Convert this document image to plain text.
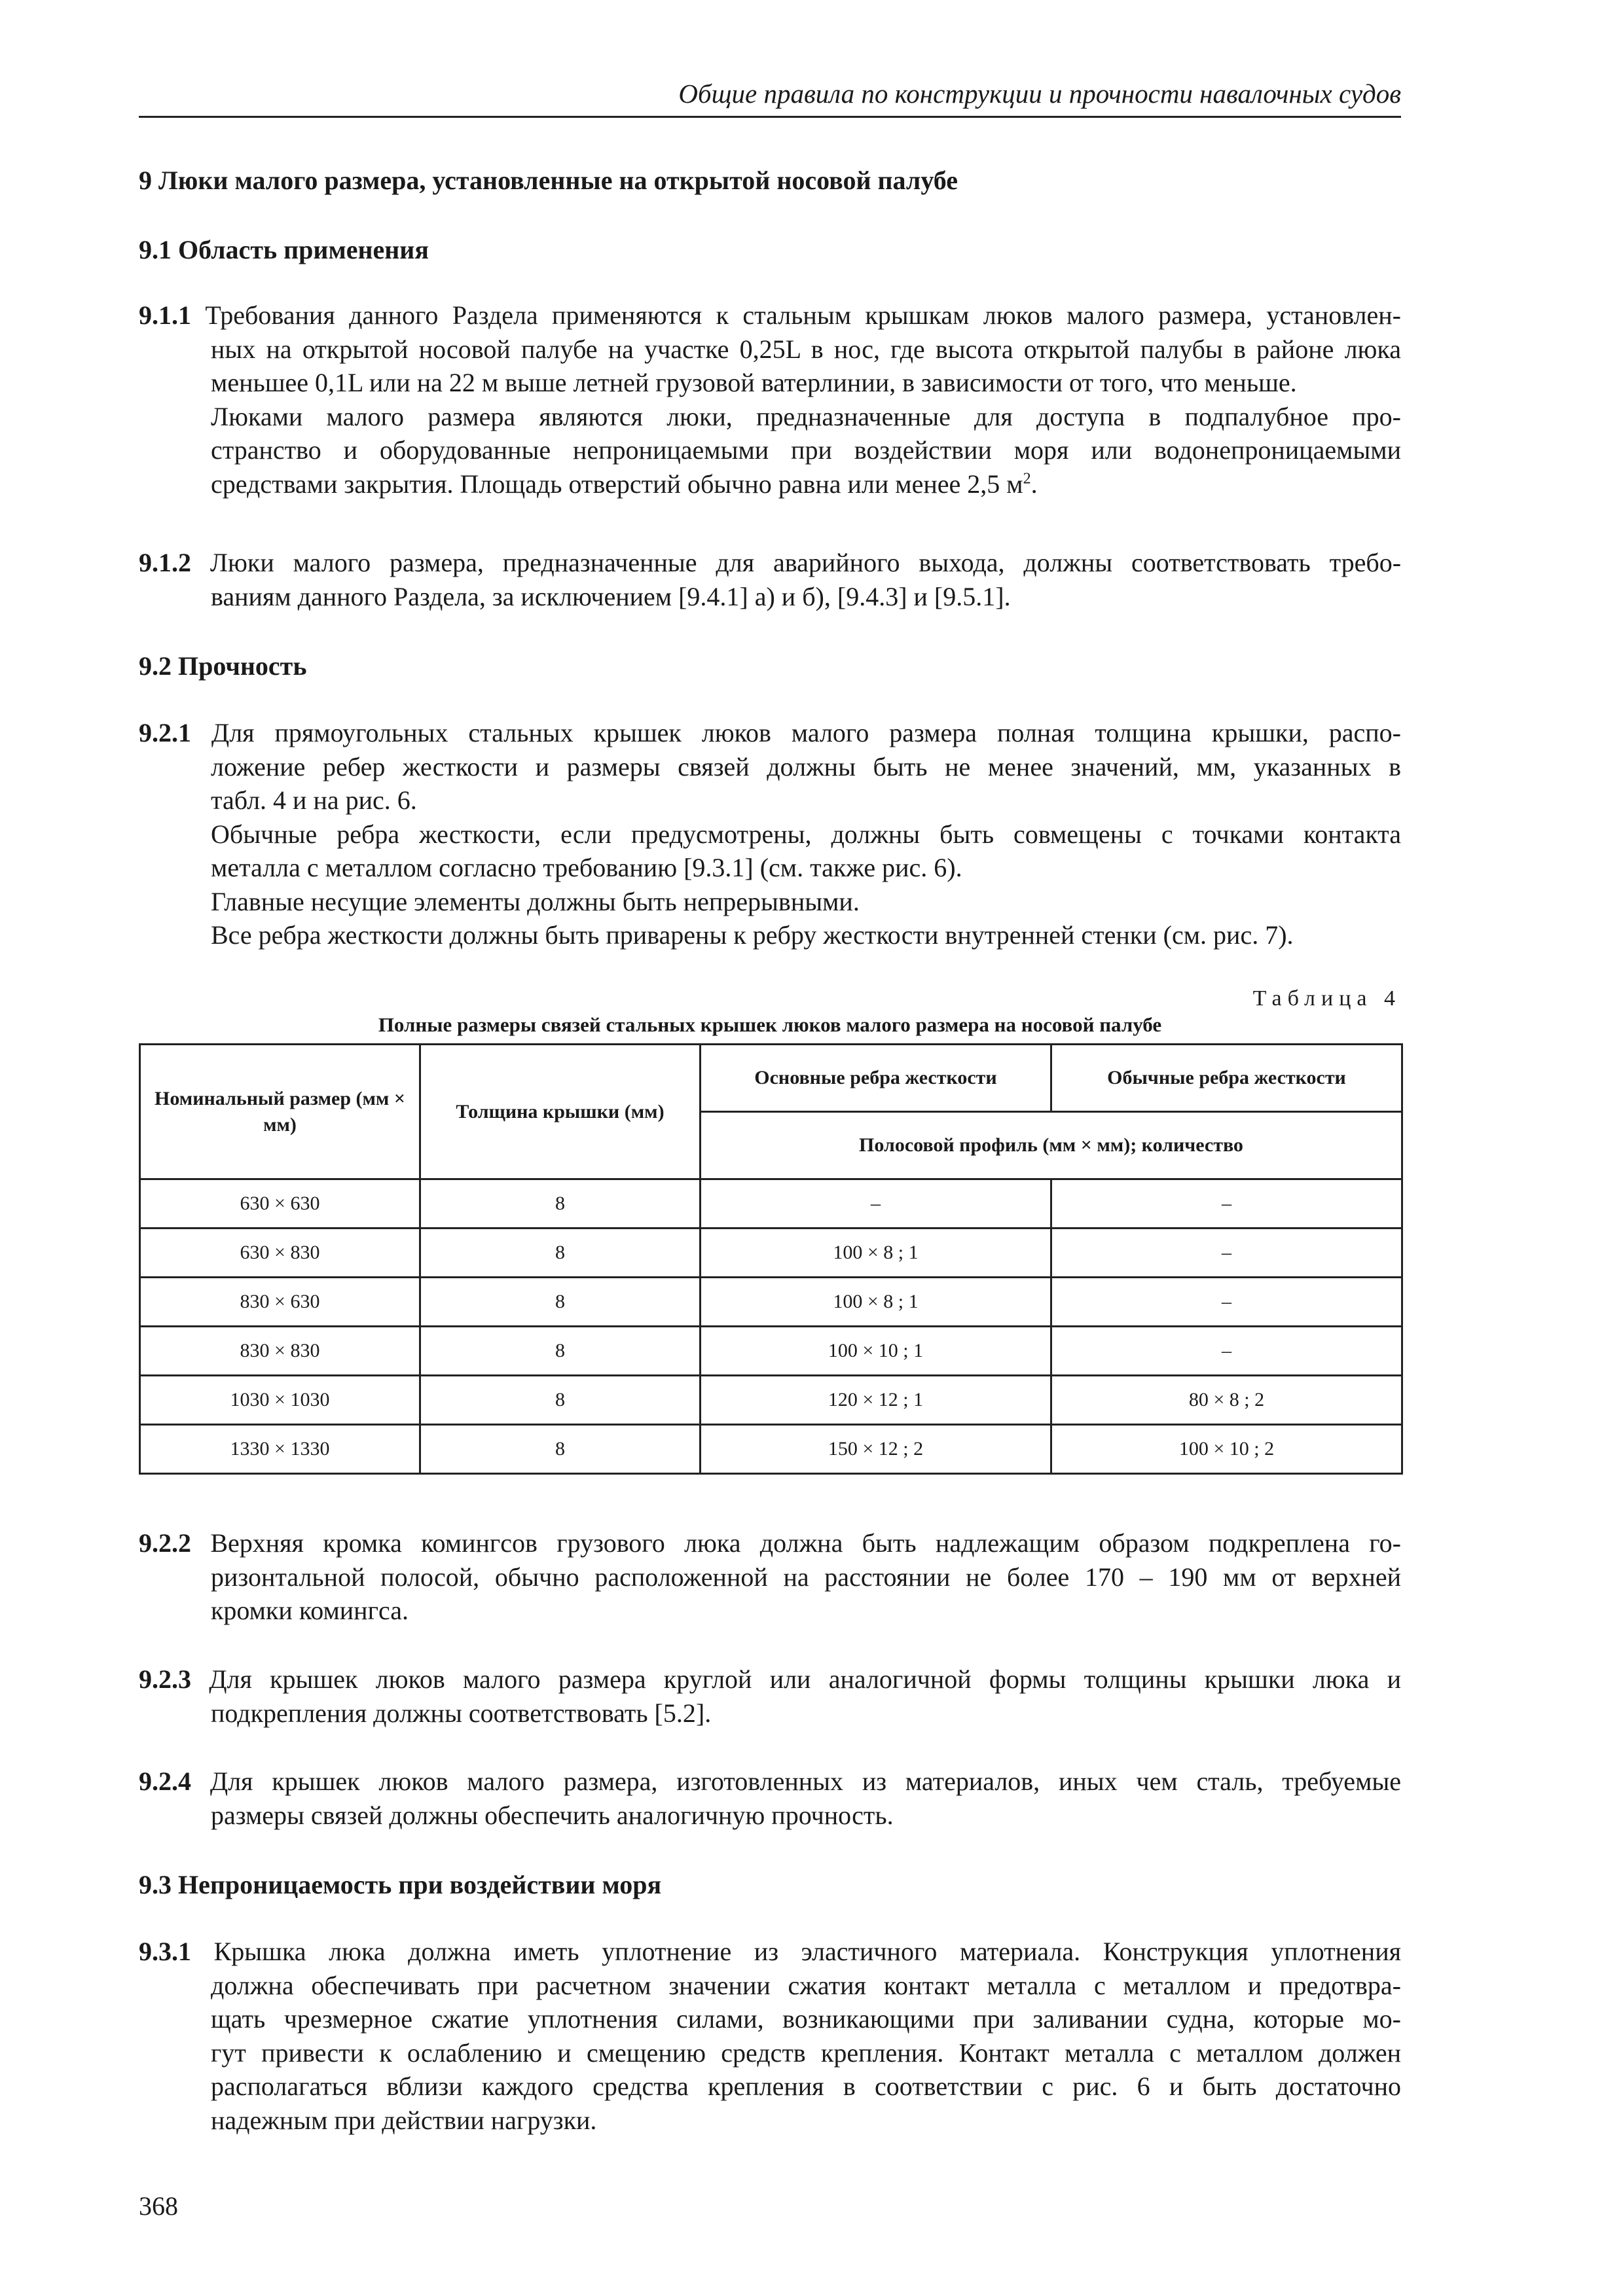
Общие правила по конструкции и прочности навалочных судов
9 Люки малого размера, установленные на открытой носовой палубе
9.1 Область применения
9.1.1 Требования данного Раздела применяются к стальным крышкам люков малого размера, установлен-
ных на открытой носовой палубе на участке 0,25L в нос, где высота открытой палубы в районе люка
меньшее 0,1L или на 22 м выше летней грузовой ватерлинии, в зависимости от того, что меньше.
Люками малого размера являются люки, предназначенные для доступа в подпалубное про-
странство и оборудованные непроницаемыми при воздействии моря или водонепроницаемыми
средствами закрытия. Площадь отверстий обычно равна или менее 2,5 $м^2$.
9.1.2 Люки малого размера, предназначенные для аварийного выхода, должны соответствовать требо-
ваниям данного Раздела, за исключением [9.4.1] а) и б), [9.4.3] и [9.5.1].
9.2 Прочность
9.2.1 Для прямоугольных стальных крышек люков малого размера полная толщина крышки, распо-
ложение ребер жесткости и размеры связей должны быть не менее значений, мм, указанных в
табл. 4 и на рис. 6.
Обычные ребра жесткости, если предусмотрены, должны быть совмещены с точками контакта
металла с металлом согласно требованию [9.3.1] (см. также рис. 6).
Главные несущие элементы должны быть непрерывными.
Все ребра жесткости должны быть приварены к ребру жесткости внутренней стенки (см. рис. 7).
Таблица 4
Полные размеры связей стальных крышек люков малого размера на носовой палубе
Номинальный размер (мм × мм)	Толщина крышки (мм)	Основные ребра жесткости	Обычные ребра жесткости
		Полосовой профиль (мм × мм); количество	
630 × 630	8	–	–
630 × 830	8	100 × 8 ; 1	–
830 × 630	8	100 × 8 ; 1	–
830 × 830	8	100 × 10 ; 1	–
1030 × 1030	8	120 × 12 ; 1	80 × 8 ; 2
1330 × 1330	8	150 × 12 ; 2	100 × 10 ; 2
9.2.2 Верхняя кромка комингсов грузового люка должна быть надлежащим образом подкреплена го-
ризонтальной полосой, обычно расположенной на расстоянии не более 170 – 190 мм от верхней
кромки комингса.
9.2.3 Для крышек люков малого размера круглой или аналогичной формы толщины крышки люка и
подкрепления должны соответствовать [5.2].
9.2.4 Для крышек люков малого размера, изготовленных из материалов, иных чем сталь, требуемые
размеры связей должны обеспечить аналогичную прочность.
9.3 Непроницаемость при воздействии моря
9.3.1 Крышка люка должна иметь уплотнение из эластичного материала. Конструкция уплотнения
должна обеспечивать при расчетном значении сжатия контакт металла с металлом и предотвра-
щать чрезмерное сжатие уплотнения силами, возникающими при заливании судна, которые мо-
гут привести к ослаблению и смещению средств крепления. Контакт металла с металлом должен
располагаться вблизи каждого средства крепления в соответствии с рис. 6 и быть достаточно
надежным при действии нагрузки.
368
